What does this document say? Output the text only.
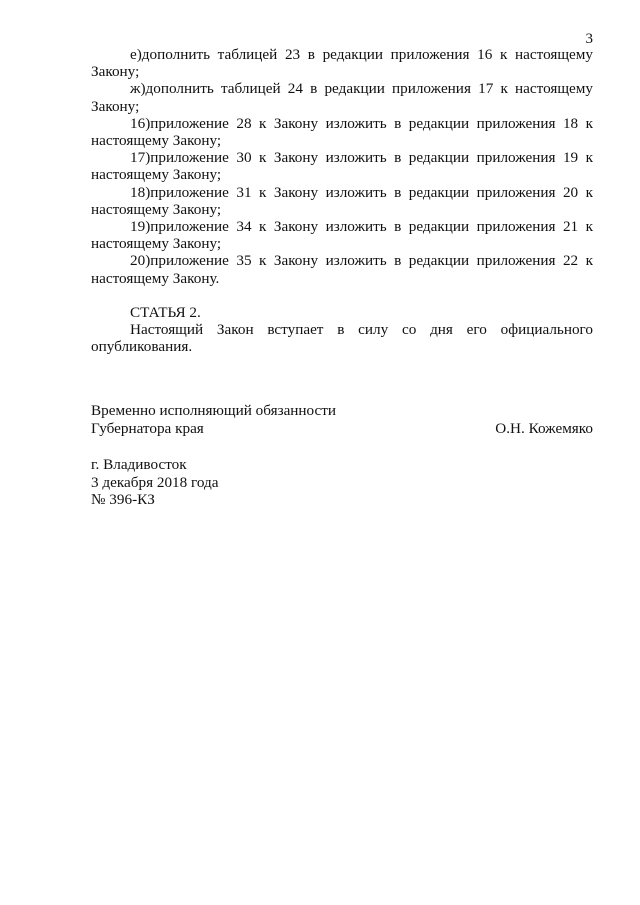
3

е)дополнить таблицей 23 в редакции приложения 16 к настоящему Закону;

ж)дополнить таблицей 24 в редакции приложения 17 к настоящему Закону;

16)приложение 28 к Закону изложить в редакции приложения 18 к настоящему Закону;

17)приложение 30 к Закону изложить в редакции приложения 19 к настоящему Закону;

18)приложение 31 к Закону изложить в редакции приложения 20 к настоящему Закону;

19)приложение 34 к Закону изложить в редакции приложения 21 к настоящему Закону;

20)приложение 35 к Закону изложить в редакции приложения 22 к настоящему Закону.

СТАТЬЯ 2.

Настоящий Закон вступает в силу со дня его официального опубликования.

Временно исполняющий обязанности
Губернатора края	О.Н. Кожемяко
г. Владивосток
3 декабря 2018 года
№ 396-КЗ
